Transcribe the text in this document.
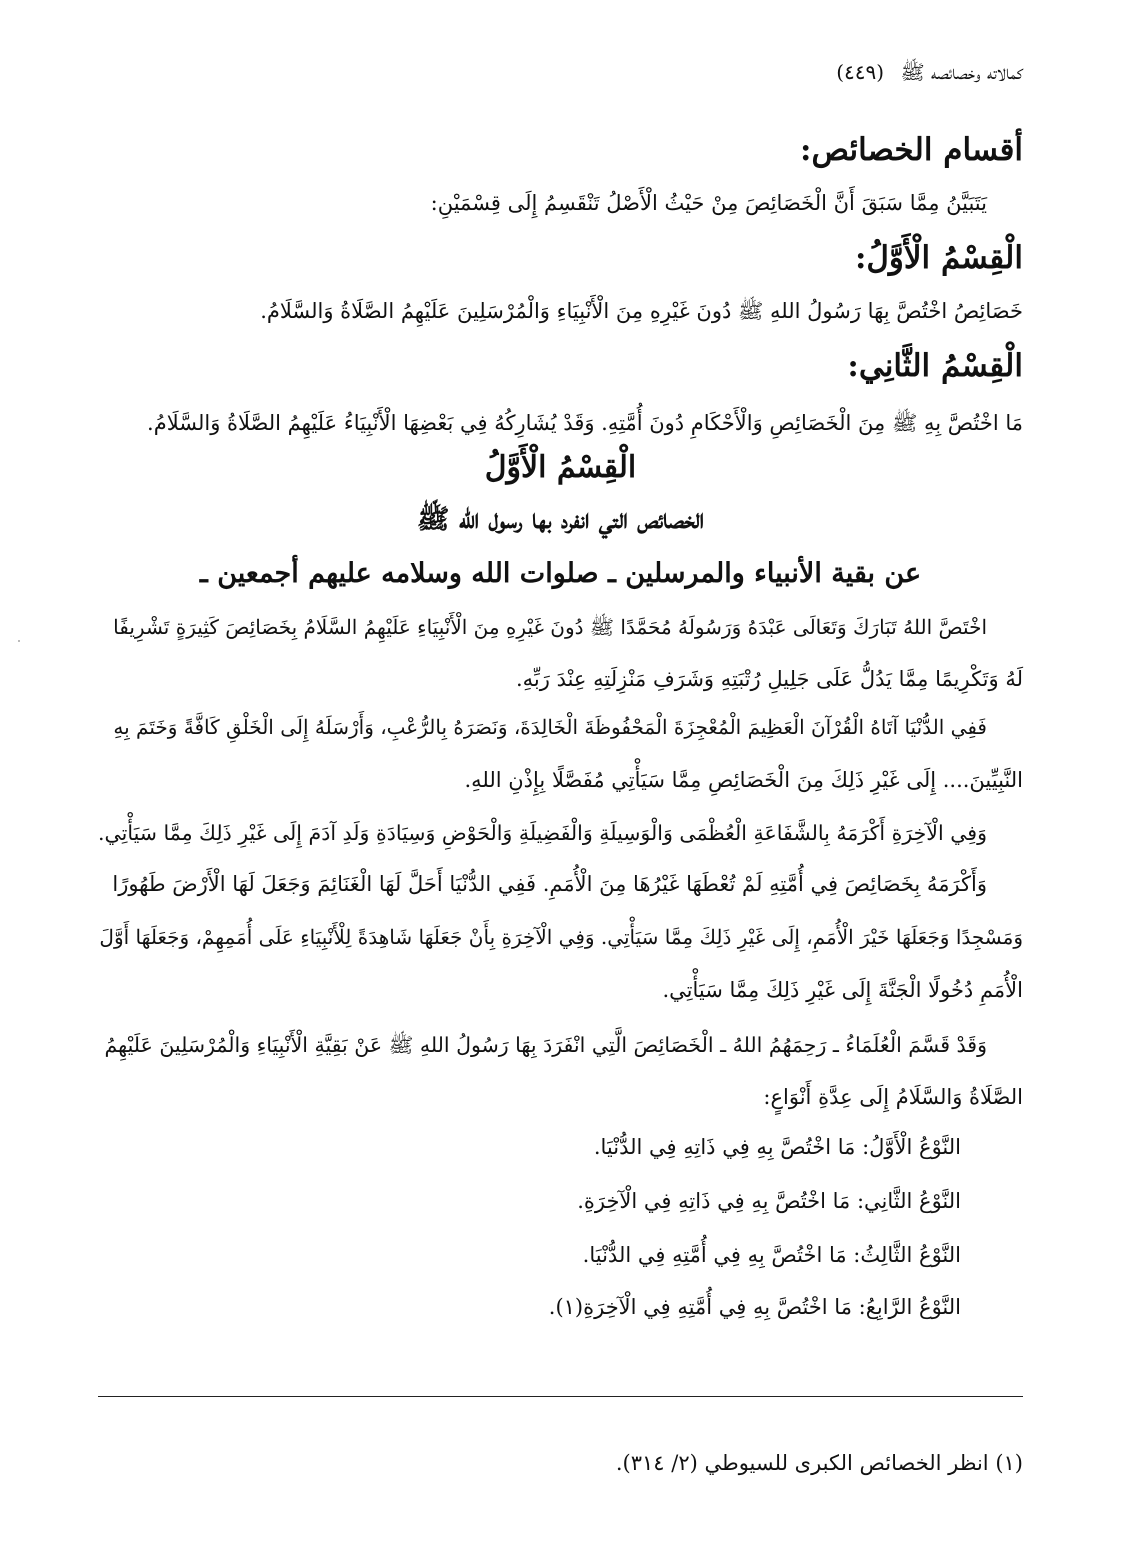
كمالاته وخصائصه ﷺ (٤٤٩)
أقسام الخصائص:
يَتَبَيَّنُ مِمَّا سَبَقَ أَنَّ الْخَصَائِصَ مِنْ حَيْثُ الْأَصْلُ تَنْقَسِمُ إِلَى قِسْمَيْنِ:
الْقِسْمُ الْأَوَّلُ:
خَصَائِصُ اخْتُصَّ بِهَا رَسُولُ اللهِ ﷺ دُونَ غَيْرِهِ مِنَ الْأَنْبِيَاءِ وَالْمُرْسَلِينَ عَلَيْهِمُ الصَّلَاةُ وَالسَّلَامُ.
الْقِسْمُ الثَّانِي:
مَا اخْتُصَّ بِهِ ﷺ مِنَ الْخَصَائِصِ وَالْأَحْكَامِ دُونَ أُمَّتِهِ. وَقَدْ يُشَارِكُهُ فِي بَعْضِهَا الْأَنْبِيَاءُ عَلَيْهِمُ الصَّلَاةُ وَالسَّلَامُ.
الْقِسْمُ الْأَوَّلُ
الخصائص التي انفرد بها رسول الله ﷺ
عن بقية الأنبياء والمرسلين ـ صلوات الله وسلامه عليهم أجمعين ـ
اخْتَصَّ اللهُ تَبَارَكَ وَتَعَالَى عَبْدَهُ وَرَسُولَهُ مُحَمَّدًا ﷺ دُونَ غَيْرِهِ مِنَ الْأَنْبِيَاءِ عَلَيْهِمُ السَّلَامُ بِخَصَائِصَ كَثِيرَةٍ تَشْرِيفًا
لَهُ وَتَكْرِيمًا مِمَّا يَدُلُّ عَلَى جَلِيلِ رُتْبَتِهِ وَشَرَفِ مَنْزِلَتِهِ عِنْدَ رَبِّهِ.
فَفِي الدُّنْيَا آتَاهُ الْقُرْآنَ الْعَظِيمَ الْمُعْجِزَةَ الْمَحْفُوظَةَ الْخَالِدَةَ، وَنَصَرَهُ بِالرُّعْبِ، وَأَرْسَلَهُ إِلَى الْخَلْقِ كَافَّةً وَخَتَمَ بِهِ
النَّبِيِّينَ.... إِلَى غَيْرِ ذَلِكَ مِنَ الْخَصَائِصِ مِمَّا سَيَأْتِي مُفَصَّلًا بِإِذْنِ اللهِ.
وَفِي الْآخِرَةِ أَكْرَمَهُ بِالشَّفَاعَةِ الْعُظْمَى وَالْوَسِيلَةِ وَالْفَضِيلَةِ وَالْحَوْضِ وَسِيَادَةِ وَلَدِ آدَمَ إِلَى غَيْرِ ذَلِكَ مِمَّا سَيَأْتِي.
وَأَكْرَمَهُ بِخَصَائِصَ فِي أُمَّتِهِ لَمْ تُعْطَهَا غَيْرُهَا مِنَ الْأُمَمِ. فَفِي الدُّنْيَا أَحَلَّ لَهَا الْغَنَائِمَ وَجَعَلَ لَهَا الْأَرْضَ طَهُورًا
وَمَسْجِدًا وَجَعَلَهَا خَيْرَ الْأُمَمِ، إِلَى غَيْرِ ذَلِكَ مِمَّا سَيَأْتِي. وَفِي الْآخِرَةِ بِأَنْ جَعَلَهَا شَاهِدَةً لِلْأَنْبِيَاءِ عَلَى أُمَمِهِمْ، وَجَعَلَهَا أَوَّلَ
الْأُمَمِ دُخُولًا الْجَنَّةَ إِلَى غَيْرِ ذَلِكَ مِمَّا سَيَأْتِي.
وَقَدْ قَسَّمَ الْعُلَمَاءُ ـ رَحِمَهُمُ اللهُ ـ الْخَصَائِصَ الَّتِي انْفَرَدَ بِهَا رَسُولُ اللهِ ﷺ عَنْ بَقِيَّةِ الْأَنْبِيَاءِ وَالْمُرْسَلِينَ عَلَيْهِمُ
الصَّلَاةُ وَالسَّلَامُ إِلَى عِدَّةِ أَنْوَاعٍ:
النَّوْعُ الْأَوَّلُ: مَا اخْتُصَّ بِهِ فِي ذَاتِهِ فِي الدُّنْيَا.
النَّوْعُ الثَّانِي: مَا اخْتُصَّ بِهِ فِي ذَاتِهِ فِي الْآخِرَةِ.
النَّوْعُ الثَّالِثُ: مَا اخْتُصَّ بِهِ فِي أُمَّتِهِ فِي الدُّنْيَا.
النَّوْعُ الرَّابِعُ: مَا اخْتُصَّ بِهِ فِي أُمَّتِهِ فِي الْآخِرَةِ(١).
(١) انظر الخصائص الكبرى للسيوطي (٢/ ٣١٤).
